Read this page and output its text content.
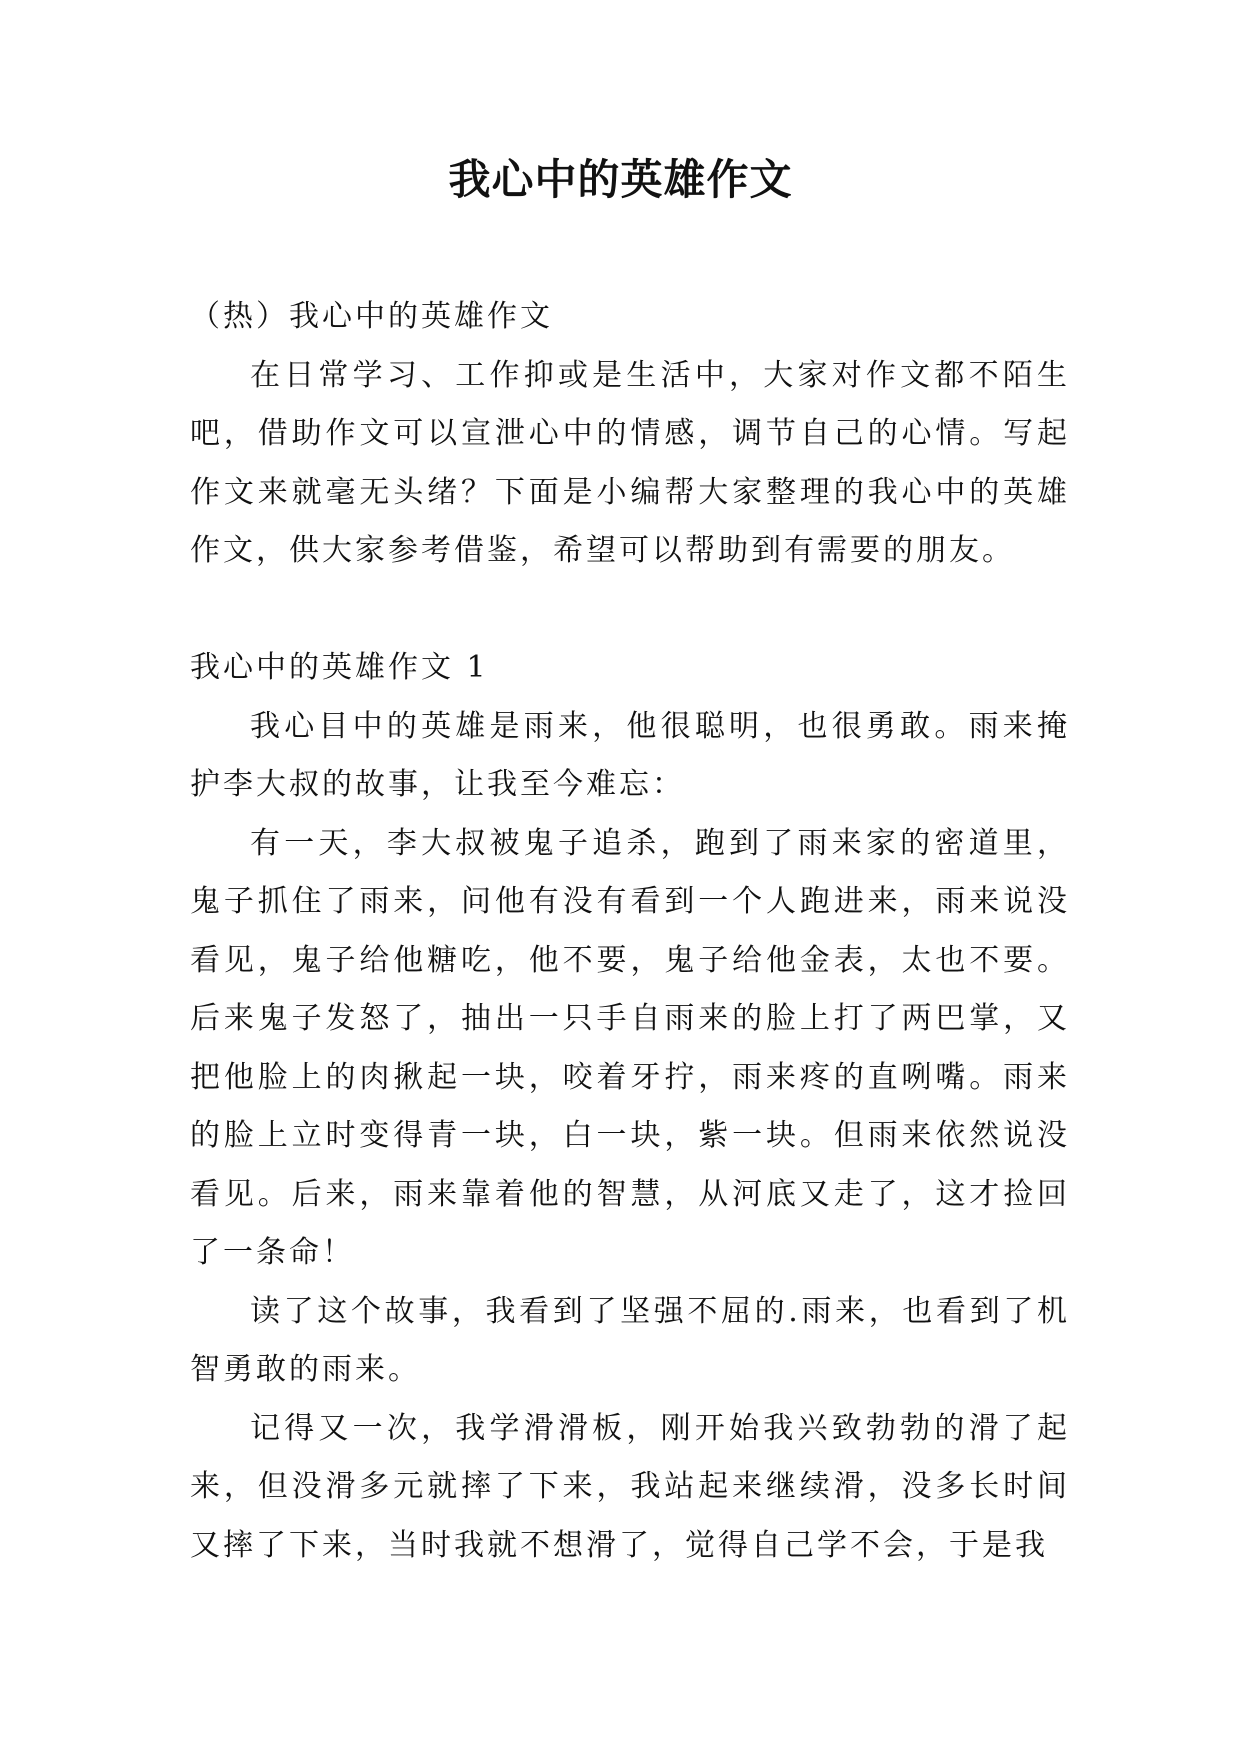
我心中的英雄作文

（热）我心中的英雄作文

在日常学习、工作抑或是生活中，大家对作文都不陌生吧，借助作文可以宣泄心中的情感，调节自己的心情。写起作文来就毫无头绪？下面是小编帮大家整理的我心中的英雄作文，供大家参考借鉴，希望可以帮助到有需要的朋友。

我心中的英雄作文 1

我心目中的英雄是雨来，他很聪明，也很勇敢。雨来掩护李大叔的故事，让我至今难忘：

有一天，李大叔被鬼子追杀，跑到了雨来家的密道里，鬼子抓住了雨来，问他有没有看到一个人跑进来，雨来说没看见，鬼子给他糖吃，他不要，鬼子给他金表，太也不要。后来鬼子发怒了，抽出一只手自雨来的脸上打了两巴掌，又把他脸上的肉揪起一块，咬着牙拧，雨来疼的直咧嘴。雨来的脸上立时变得青一块，白一块，紫一块。但雨来依然说没看见。后来，雨来靠着他的智慧，从河底又走了，这才捡回了一条命！

读了这个故事，我看到了坚强不屈的.雨来，也看到了机智勇敢的雨来。

记得又一次，我学滑滑板，刚开始我兴致勃勃的滑了起来，但没滑多元就摔了下来，我站起来继续滑，没多长时间又摔了下来，当时我就不想滑了，觉得自己学不会，于是我
